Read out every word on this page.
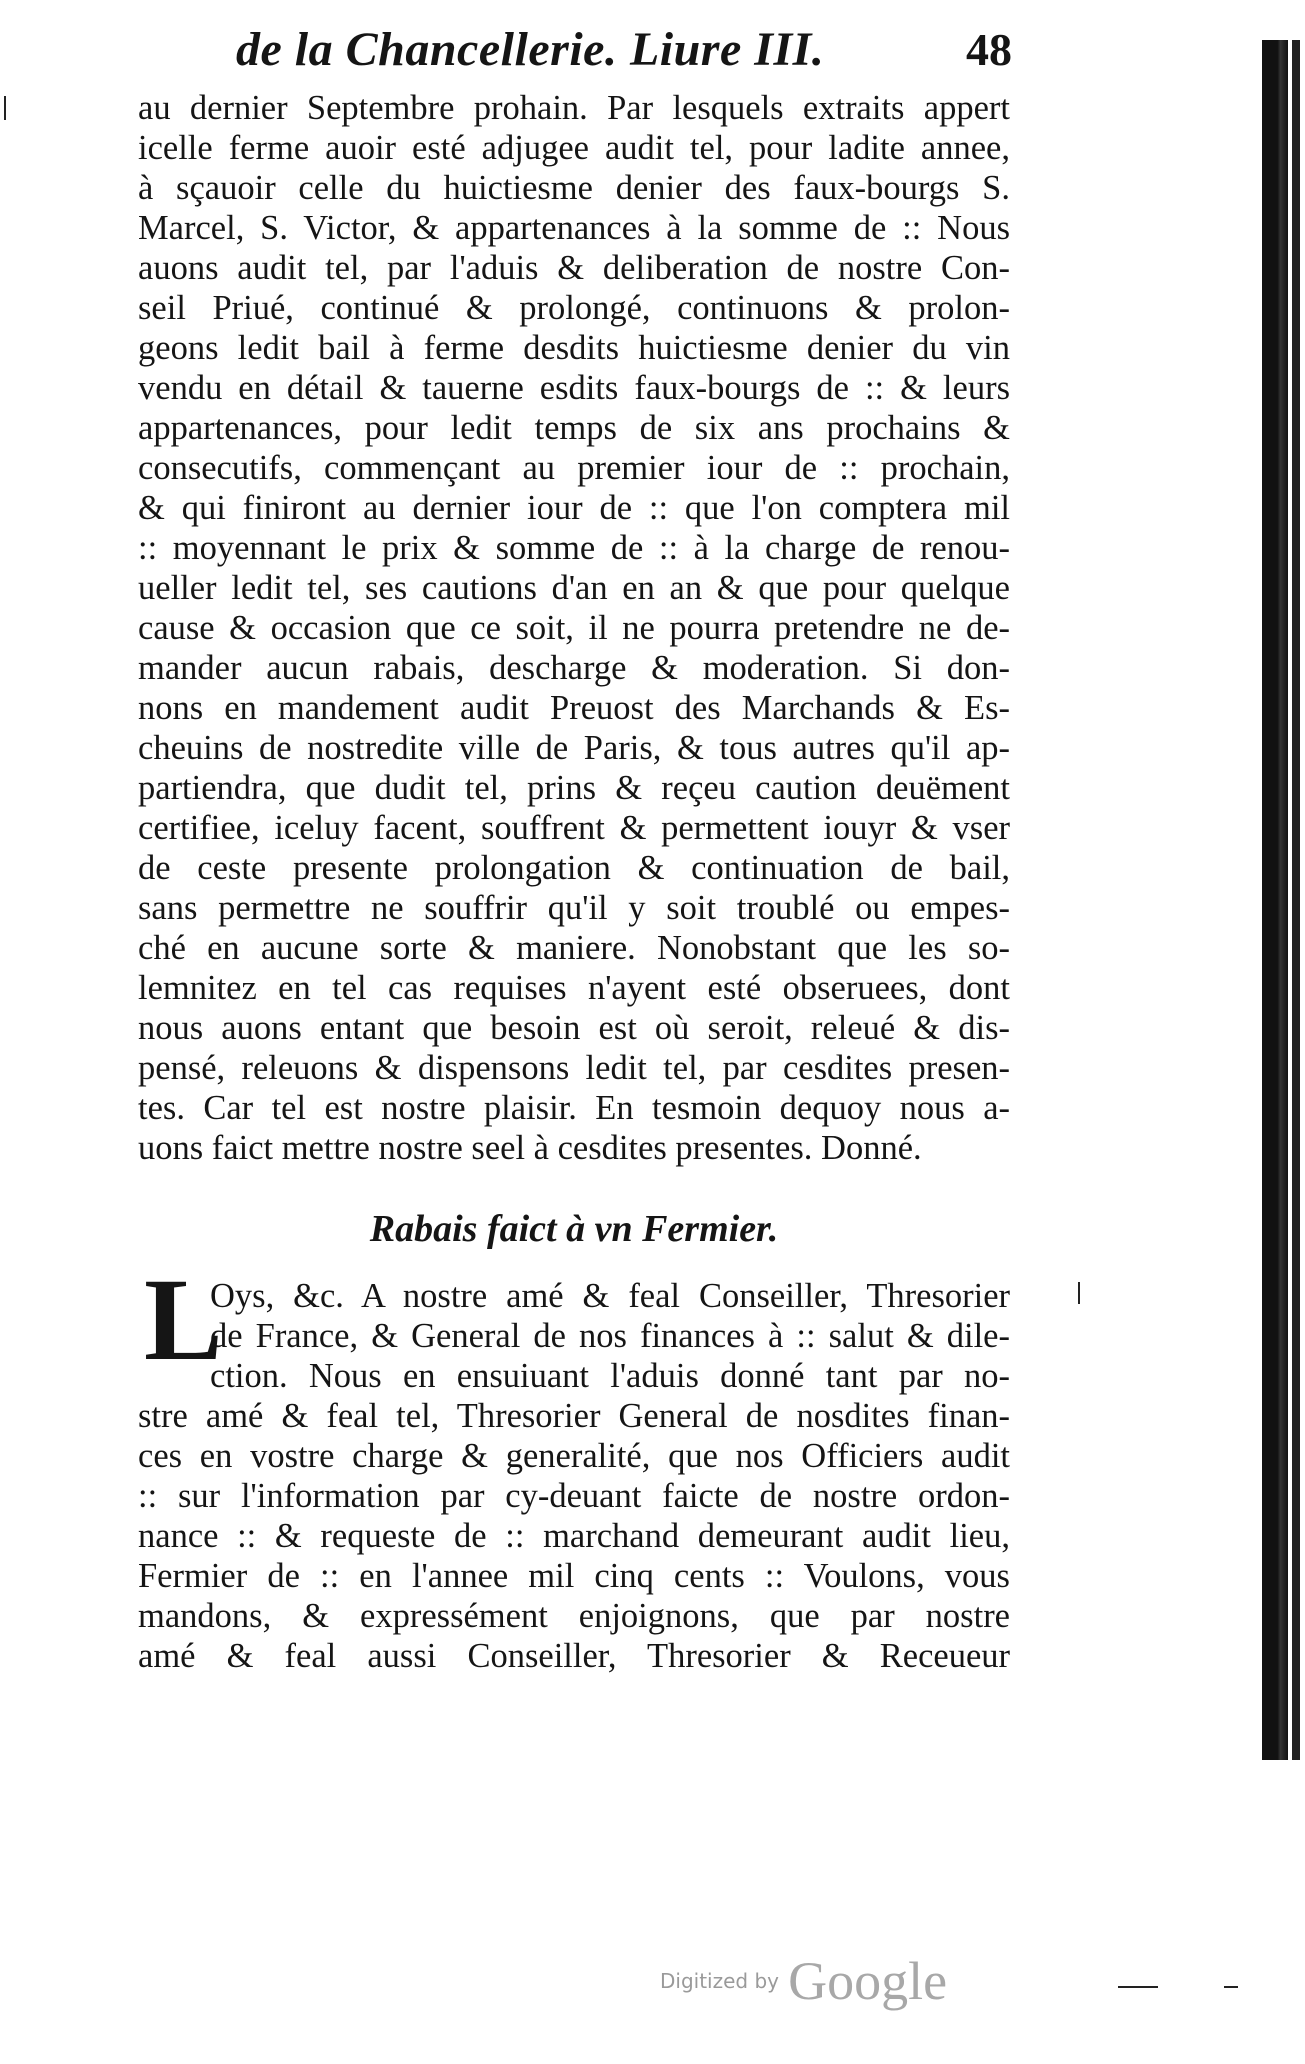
de la Chancellerie. Liure III.	48
au dernier Septembre prohain. Par lesquels extraits appert
icelle ferme auoir esté adjugee audit tel, pour ladite annee,
à sçauoir celle du huictiesme denier des faux-bourgs S.
Marcel, S. Victor, & appartenances à la somme de :: Nous
auons audit tel, par l'aduis & deliberation de nostre Con-
seil Priué, continué & prolongé, continuons & prolon-
geons ledit bail à ferme desdits huictiesme denier du vin
vendu en détail & tauerne esdits faux-bourgs de :: & leurs
appartenances, pour ledit temps de six ans prochains &
consecutifs, commençant au premier iour de :: prochain,
& qui finiront au dernier iour de :: que l'on comptera mil
:: moyennant le prix & somme de :: à la charge de renou-
ueller ledit tel, ses cautions d'an en an & que pour quelque
cause & occasion que ce soit, il ne pourra pretendre ne de-
mander aucun rabais, descharge & moderation. Si don-
nons en mandement audit Preuost des Marchands & Es-
cheuins de nostredite ville de Paris, & tous autres qu'il ap-
partiendra, que dudit tel, prins & reçeu caution deuëment
certifiee, iceluy facent, souffrent & permettent iouyr & vser
de ceste presente prolongation & continuation de bail,
sans permettre ne souffrir qu'il y soit troublé ou empes-
ché en aucune sorte & maniere. Nonobstant que les so-
lemnitez en tel cas requises n'ayent esté obseruees, dont
nous auons entant que besoin est où seroit, releué & dis-
pensé, releuons & dispensons ledit tel, par cesdites presen-
tes. Car tel est nostre plaisir. En tesmoin dequoy nous a-
uons faict mettre nostre seel à cesdites presentes. Donné.
Rabais faict à vn Fermier.
L
Oys, &c. A nostre amé & feal Conseiller, Thresorier
de France, & General de nos finances à :: salut & dile-
ction. Nous en ensuiuant l'aduis donné tant par no-
stre amé & feal tel, Thresorier General de nosdites finan-
ces en vostre charge & generalité, que nos Officiers audit
:: sur l'information par cy-deuant faicte de nostre ordon-
nance :: & requeste de :: marchand demeurant audit lieu,
Fermier de :: en l'annee mil cinq cents :: Voulons, vous
mandons, & expressément enjoignons, que par nostre
amé & feal aussi Conseiller, Thresorier & Receueur
Digitized by Google
